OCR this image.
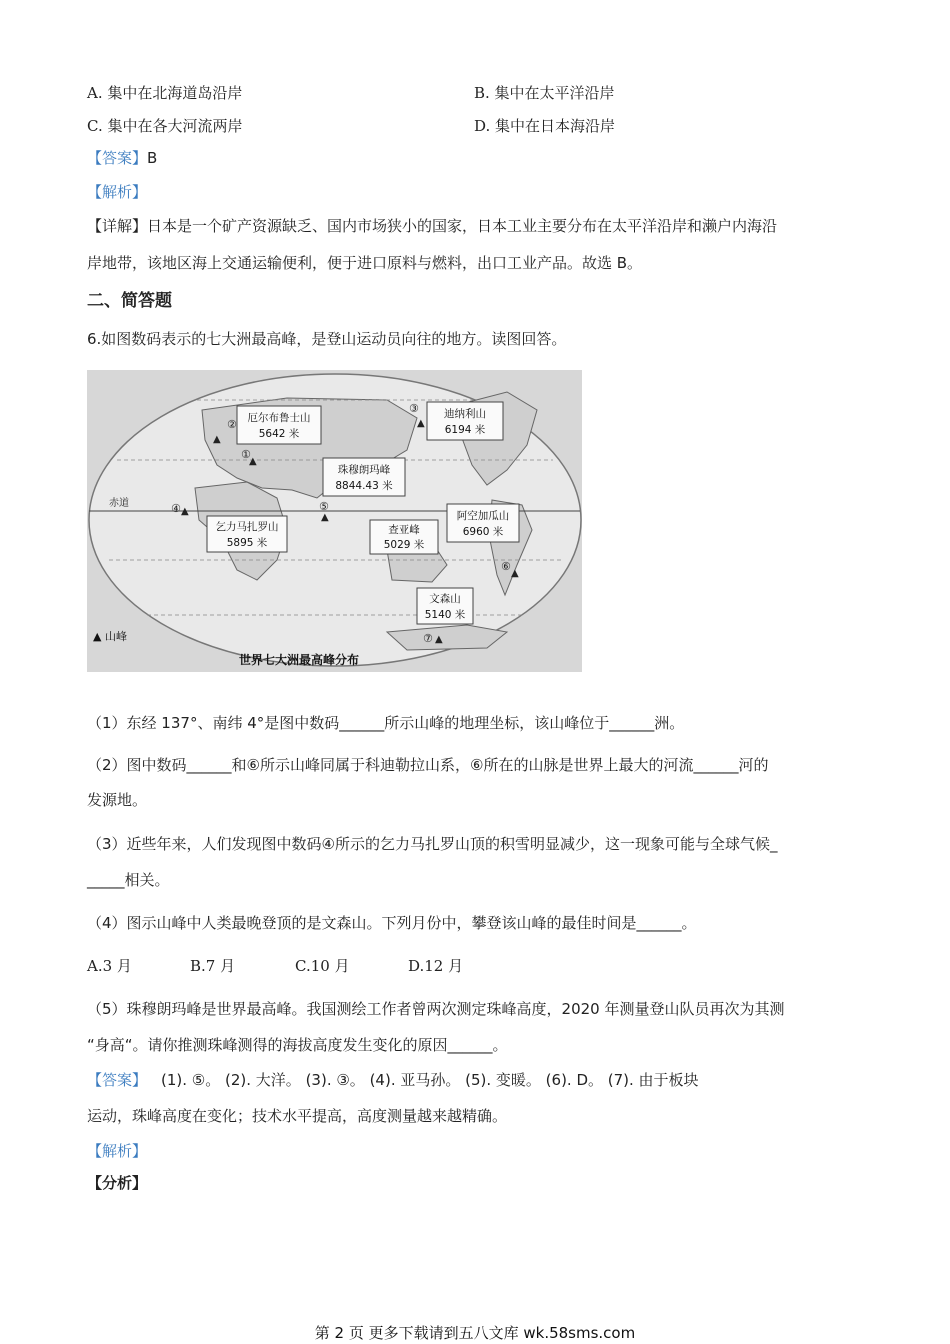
A. 集中在北海道岛沿岸	B. 集中在太平洋沿岸
C. 集中在各大河流两岸	D. 集中在日本海沿岸
【答案】B
【解析】
【详解】日本是一个矿产资源缺乏、国内市场狭小的国家，日本工业主要分布在太平洋沿岸和濑户内海沿
岸地带，该地区海上交通运输便利，便于进口原料与燃料，出口工业产品。故选 B。
二、简答题
6.如图数码表示的七大洲最高峰，是登山运动员向往的地方。读图回答。
赤道
②
▲
厄尔布鲁士山
5642 米
③
▲
迪纳利山
6194 米
①
▲
珠穆朗玛峰
8844.43 米
⑤
▲
查亚峰
5029 米
④ ▲
乞力马扎罗山
5895 米
阿空加瓜山
6960 米
⑥
▲
文森山
5140 米
⑦ ▲
▲ 山峰
世界七大洲最高峰分布
（1）东经 137°、南纬 4°是图中数码______所示山峰的地理坐标，该山峰位于______洲。
（2）图中数码______和⑥所示山峰同属于科迪勒拉山系，⑥所在的山脉是世界上最大的河流______河的
发源地。
（3）近些年来，人们发现图中数码④所示的乞力马扎罗山顶的积雪明显减少，这一现象可能与全球气候_
_____相关。
（4）图示山峰中人类最晚登顶的是文森山。下列月份中，攀登该山峰的最佳时间是______。
A.3 月	B.7 月	C.10 月	D.12 月
（5）珠穆朗玛峰是世界最高峰。我国测绘工作者曾两次测定珠峰高度，2020 年测量登山队员再次为其测
“身高“。请你推测珠峰测得的海拔高度发生变化的原因______。
【答案】 (1). ⑤。 (2). 大洋。 (3). ③。 (4). 亚马孙。 (5). 变暖。 (6). D。 (7). 由于板块
运动，珠峰高度在变化；技术水平提高，高度测量越来越精确。
【解析】
【分析】
第 2 页 更多下载请到五八文库 wk.58sms.com
